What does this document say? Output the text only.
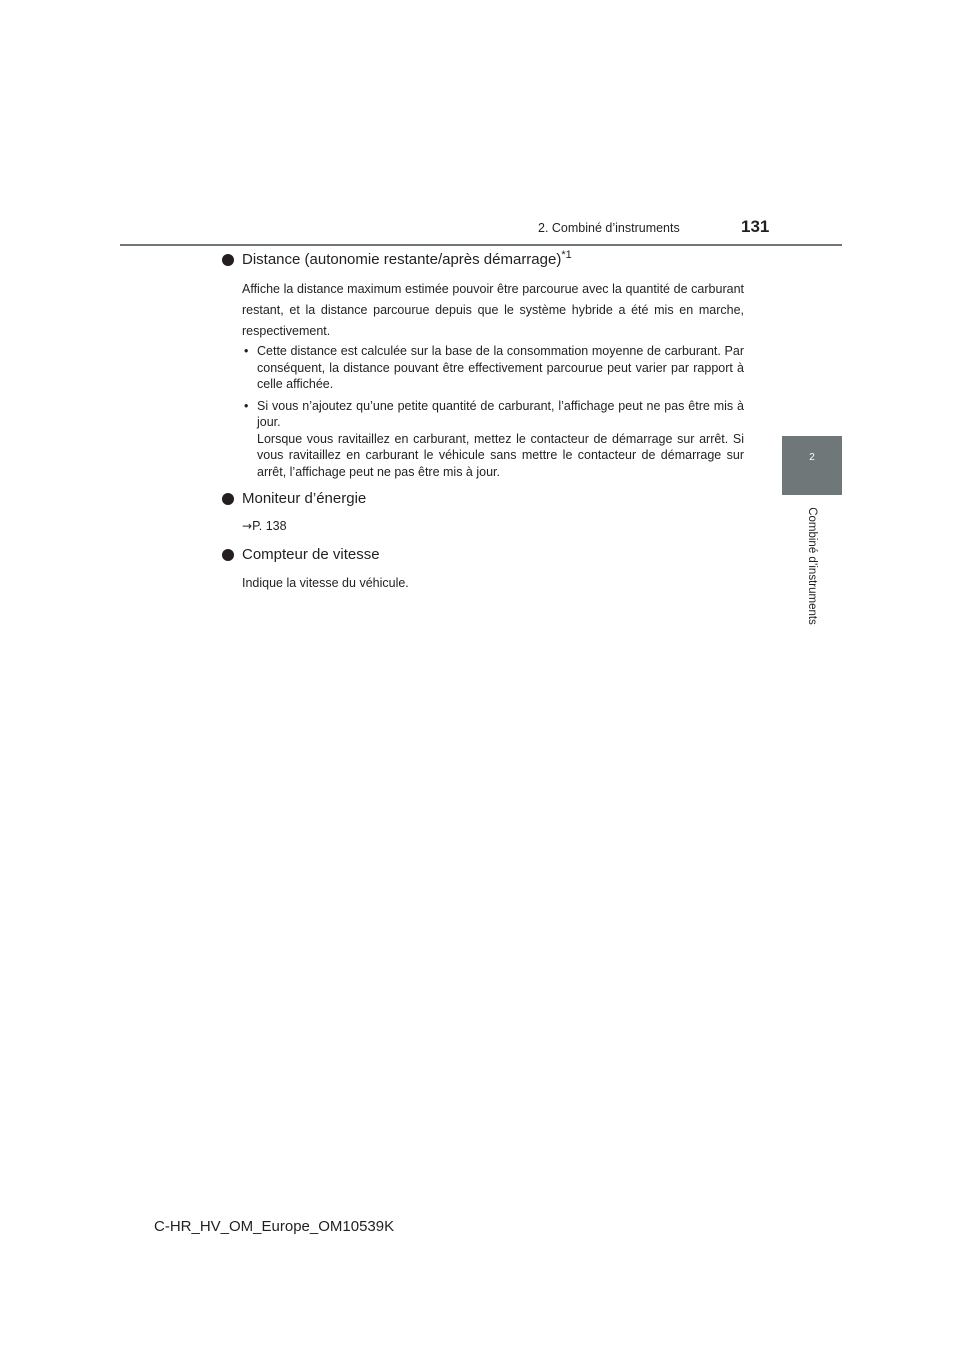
2. Combiné d’instruments	131
2
Combiné d’instruments
Distance (autonomie restante/après démarrage)$^{*1}$

Affiche la distance maximum estimée pouvoir être parcourue avec la quantité de carburant restant, et la distance parcourue depuis que le système hybride a été mis en marche, respectivement.

• Cette distance est calculée sur la base de la consommation moyenne de carburant. Par conséquent, la distance pouvant être effectivement parcourue peut varier par rapport à celle affichée.

• Si vous n’ajoutez qu’une petite quantité de carburant, l’affichage peut ne pas être mis à jour.

Lorsque vous ravitaillez en carburant, mettez le contacteur de démarrage sur arrêt. Si vous ravitaillez en carburant le véhicule sans mettre le contacteur de démarrage sur arrêt, l’affichage peut ne pas être mis à jour.

Moniteur d’énergie
→P. 138
Compteur de vitesse

Indique la vitesse du véhicule.

C-HR_HV_OM_Europe_OM10539K
